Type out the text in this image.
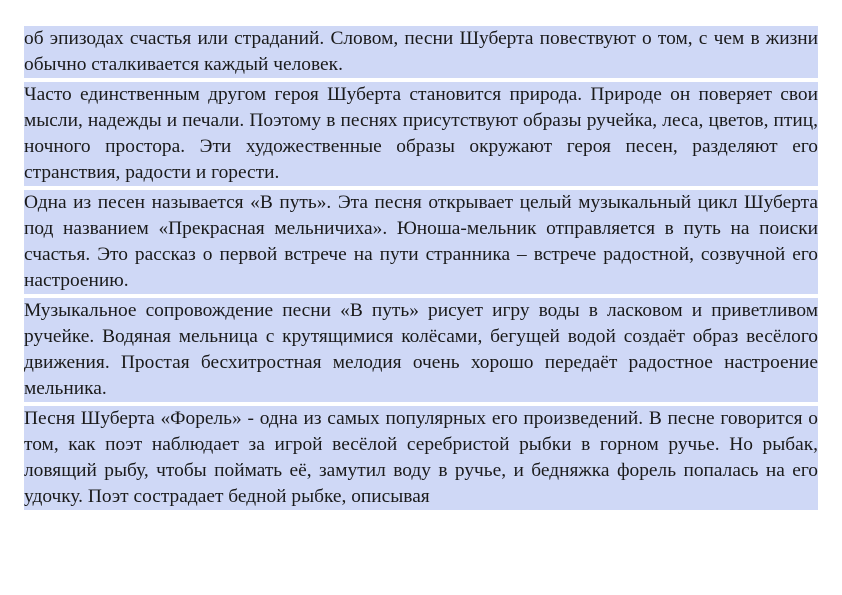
об эпизодах счастья или страданий. Словом, песни Шуберта повествуют о том, с чем в жизни обычно сталкивается каждый человек.

Часто единственным другом героя Шуберта становится природа. Природе он поверяет свои мысли, надежды и печали. Поэтому в песнях присутствуют образы ручейка, леса, цветов, птиц, ночного простора. Эти художественные образы окружают героя песен, разделяют его странствия, радости и горести.

Одна из песен называется «В путь». Эта песня открывает целый музыкальный цикл Шуберта под названием «Прекрасная мельничиха». Юноша-мельник отправляется в путь на поиски счастья. Это рассказ о первой встрече на пути странника – встрече радостной, созвучной его настроению.

Музыкальное сопровождение песни «В путь» рисует игру воды в ласковом и приветливом ручейке. Водяная мельница с крутящимися колёсами, бегущей водой создаёт образ весёлого движения. Простая бесхитростная мелодия очень хорошо передаёт радостное настроение мельника.

Песня Шуберта «Форель» - одна из самых популярных его произведений. В песне говорится о том, как поэт наблюдает за игрой весёлой серебристой рыбки в горном ручье. Но рыбак, ловящий рыбу, чтобы поймать её, замутил воду в ручье, и бедняжка форель попалась на его удочку. Поэт сострадает бедной рыбке, описывая
